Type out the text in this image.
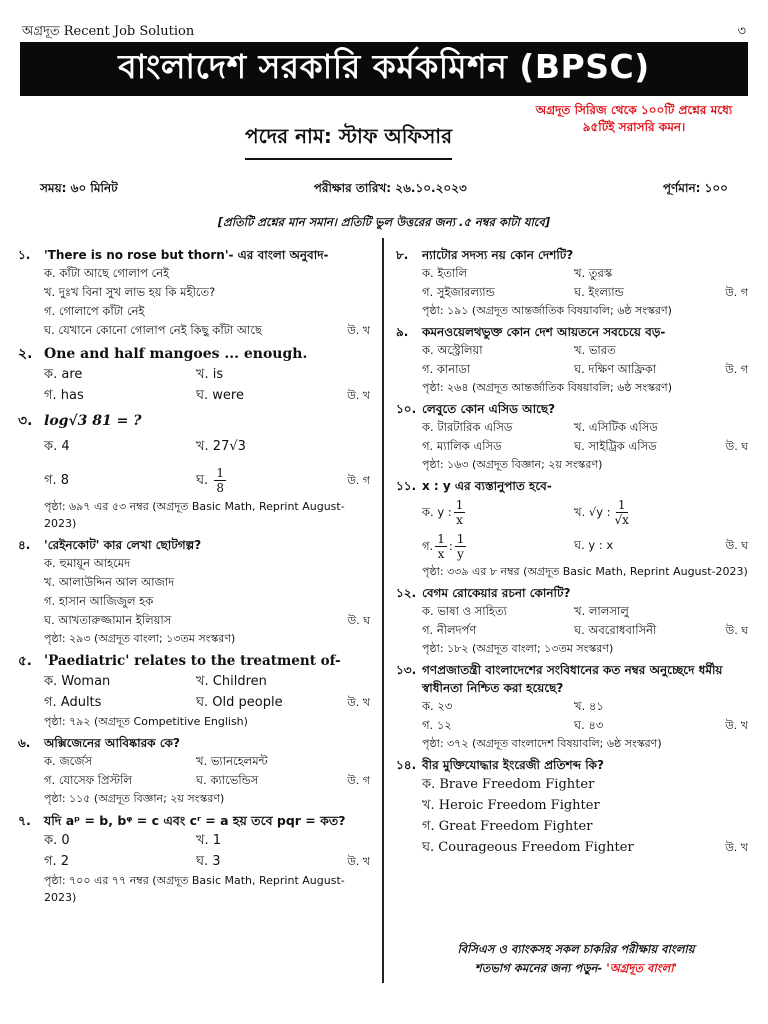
অগ্রদূত Recent Job Solution	৩
বাংলাদেশ সরকারি কর্মকমিশন (BPSC)
অগ্রদূত সিরিজ থেকে ১০০টি প্রশ্নের মধ্যে ৯৫টিই সরাসরি কমন।
পদের নাম: স্টাফ অফিসার
সময়: ৬০ মিনিট	পরীক্ষার তারিখ: ২৬.১০.২০২৩	পূর্ণমান: ১০০
[প্রতিটি প্রশ্নের মান সমান। প্রতিটি ভুল উত্তরের জন্য .৫ নম্বর কাটা যাবে]
১.	'There is no rose but thorn'- এর বাংলা অনুবাদ-
ক. কাঁটা আছে গোলাপ নেই
খ. দুঃখ বিনা সুখ লাভ হয় কি মহীতে?
গ. গোলাপে কাঁটা নেই
ঘ. যেখানে কোনো গোলাপ নেই কিছু কাঁটা আছে	উ. খ
২. One and half mangoes ... enough.
ক. are	খ. is
গ. has	ঘ. were	উ. খ
৩. log√3 81 = ?
ক. 4	খ. 27√3
গ. 8	ঘ. $\frac{1}{8}$	উ. গ
পৃষ্ঠা: ৬৯৭ এর ৫৩ নম্বর (অগ্রদূত Basic Math, Reprint August-2023)
৪.	'রেইনকোট' কার লেখা ছোটগল্প?
ক. হুমায়ূন আহমেদ
খ. আলাউদ্দিন আল আজাদ
গ. হাসান আজিজুল হক
ঘ. আখতারুজ্জামান ইলিয়াস	উ. ঘ
পৃষ্ঠা: ২৯৩ (অগ্রদূত বাংলা; ১৩তম সংস্করণ)
৫. 'Paediatric' relates to the treatment of-
ক. Woman	খ. Children
গ. Adults	ঘ. Old people	উ. খ
পৃষ্ঠা: ৭৯২ (অগ্রদূত Competitive English)
৬.	অক্সিজেনের আবিষ্কারক কে?
ক. জর্জেস	খ. ভ্যানহেলমন্ট
গ. যোসেফ প্রিস্টলি	ঘ. ক্যাভেন্ডিস	উ. গ
পৃষ্ঠা: ১১৫ (অগ্রদূত বিজ্ঞান; ২য় সংস্করণ)
৭.	যদি aᵖ = b, bᵠ = c এবং cʳ = a হয় তবে pqr = কত?
ক. 0	খ. 1
গ. 2	ঘ. 3	উ. খ
পৃষ্ঠা: ৭০০ এর ৭৭ নম্বর (অগ্রদূত Basic Math, Reprint August-2023)
৮.	ন্যাটোর সদস্য নয় কোন দেশটি?
ক. ইতালি	খ. তুরস্ক
গ. সুইজারল্যান্ড	ঘ. ইংল্যান্ড	উ. গ
পৃষ্ঠা: ১৯১ (অগ্রদূত আন্তর্জাতিক বিষয়াবলি; ৬ষ্ঠ সংস্করণ)
৯.	কমনওয়েলথভুক্ত কোন দেশ আয়তনে সবচেয়ে বড়-
ক. অস্ট্রেলিয়া	খ. ভারত
গ. কানাডা	ঘ. দক্ষিণ আফ্রিকা	উ. গ
পৃষ্ঠা: ২৬৪ (অগ্রদূত আন্তর্জাতিক বিষয়াবলি; ৬ষ্ঠ সংস্করণ)
১০. লেবুতে কোন এসিড আছে?
ক. টারটারিক এসিড	খ. এসিটিক এসিড
গ. ম্যালিক এসিড	ঘ. সাইট্রিক এসিড	উ. ঘ
পৃষ্ঠা: ১৬৩ (অগ্রদূত বিজ্ঞান; ২য় সংস্করণ)
১১. x : y এর ব্যস্তানুপাত হবে-
ক. y : $\frac{1}{x}$	খ. √y : $\frac{1}{√x}$
গ. $\frac{1}{x}$ : $\frac{1}{y}$	ঘ. y : x	উ. ঘ
পৃষ্ঠা: ৩৩৯ এর ৮ নম্বর (অগ্রদূত Basic Math, Reprint August-2023)
১২. বেগম রোকেয়ার রচনা কোনটি?
ক. ভাষা ও সাহিত্য	খ. লালসালু
গ. নীলদর্পণ	ঘ. অবরোধবাসিনী	উ. ঘ
পৃষ্ঠা: ১৮২ (অগ্রদূত বাংলা; ১৩তম সংস্করণ)
১৩. গণপ্রজাতন্ত্রী বাংলাদেশের সংবিধানের কত নম্বর অনুচ্ছেদে ধর্মীয় স্বাধীনতা নিশ্চিত করা হয়েছে?
ক. ২৩	খ. ৪১
গ. ১২	ঘ. ৪৩	উ. খ
পৃষ্ঠা: ৩৭২ (অগ্রদূত বাংলাদেশ বিষয়াবলি; ৬ষ্ঠ সংস্করণ)
১৪. বীর মুক্তিযোদ্ধার ইংরেজী প্রতিশব্দ কি?
ক. Brave Freedom Fighter
খ. Heroic Freedom Fighter
গ. Great Freedom Fighter
ঘ. Courageous Freedom Fighter	উ. খ
বিসিএস ও ব্যাংকসহ সকল চাকরির পরীক্ষায় বাংলায়
শতভাগ কমনের জন্য পড়ুন- 'অগ্রদূত বাংলা'
